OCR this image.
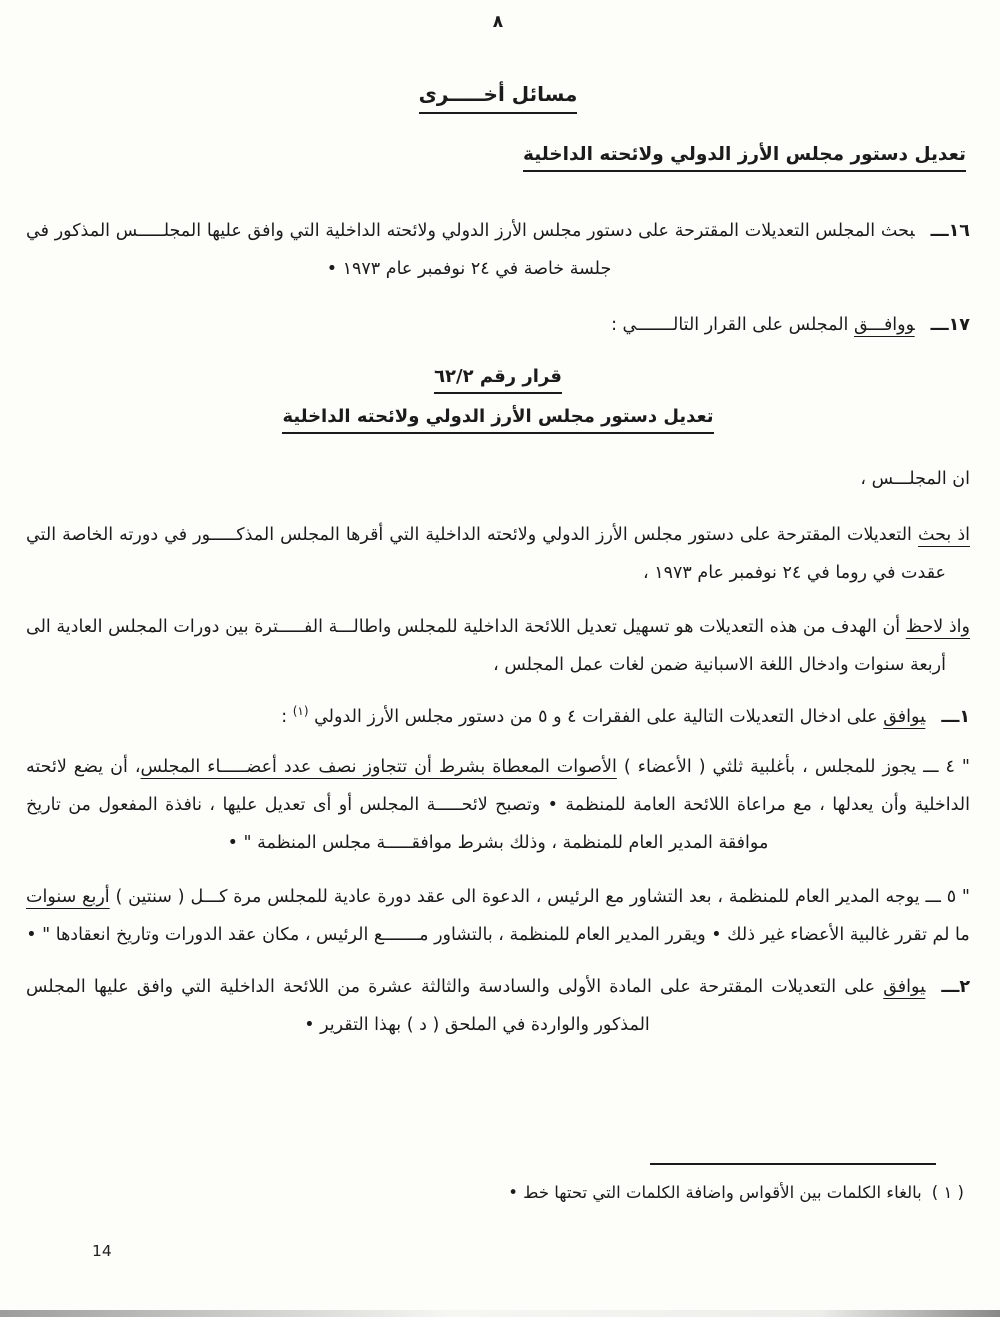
٨
مسائل أخـــــرى
تعديل دستور مجلس الأرز الدولي ولائحته الداخلية

١٦ـــبحث المجلس التعديلات المقترحة على دستور مجلس الأرز الدولي ولائحته الداخلية التي وافق عليها المجلـــــس المذكور في جلسة خاصة في ٢٤ نوفمبر عام ١٩٧٣ •

١٧ـــووافـــق المجلس على القرار التالـــــــي :

قرار رقم ٦٢/٢
تعديل دستور مجلس الأرز الدولي ولائحته الداخلية

ان المجلـــس ،

اذ بحث التعديلات المقترحة على دستور مجلس الأرز الدولي ولائحته الداخلية التي أقرها المجلس المذكـــــور في دورته الخاصة التي عقدت في روما في ٢٤ نوفمبر عام ١٩٧٣ ،

واذ لاحظ أن الهدف من هذه التعديلات هو تسهيل تعديل اللائحة الداخلية للمجلس واطالـــة الفـــــترة بين دورات المجلس العادية الى أربعة سنوات وادخال اللغة الاسبانية ضمن لغات عمل المجلس ،

١ـــيوافق على ادخال التعديلات التالية على الفقرات ٤ و ٥ من دستور مجلس الأرز الدولي $^{(١)}$ :

" ٤ ـــ يجوز للمجلس ، بأغلبية ثلثي ( الأعضاء ) الأصوات المعطاة بشرط أن تتجاوز نصف عدد أعضـــــاء المجلس، أن يضع لائحته الداخلية وأن يعدلها ، مع مراعاة اللائحة العامة للمنظمة • وتصبح لائحـــــة المجلس أو أى تعديل عليها ، نافذة المفعول من تاريخ موافقة المدير العام للمنظمة ، وذلك بشرط موافقـــــة مجلس المنظمة " •

" ٥ ـــ يوجه المدير العام للمنظمة ، بعد التشاور مع الرئيس ، الدعوة الى عقد دورة عادية للمجلس مرة كـــل ( سنتين ) أربع سنوات ما لم تقرر غالبية الأعضاء غير ذلك • ويقرر المدير العام للمنظمة ، بالتشاور مـــــــع الرئيس ، مكان عقد الدورات وتاريخ انعقادها " •

٢ـــيوافق على التعديلات المقترحة على المادة الأولى والسادسة والثالثة عشرة من اللائحة الداخلية التي وافق عليها المجلس المذكور والواردة في الملحق ( د ) بهذا التقرير •

( ١ )بالغاء الكلمات بين الأقواس واضافة الكلمات التي تحتها خط •
14
